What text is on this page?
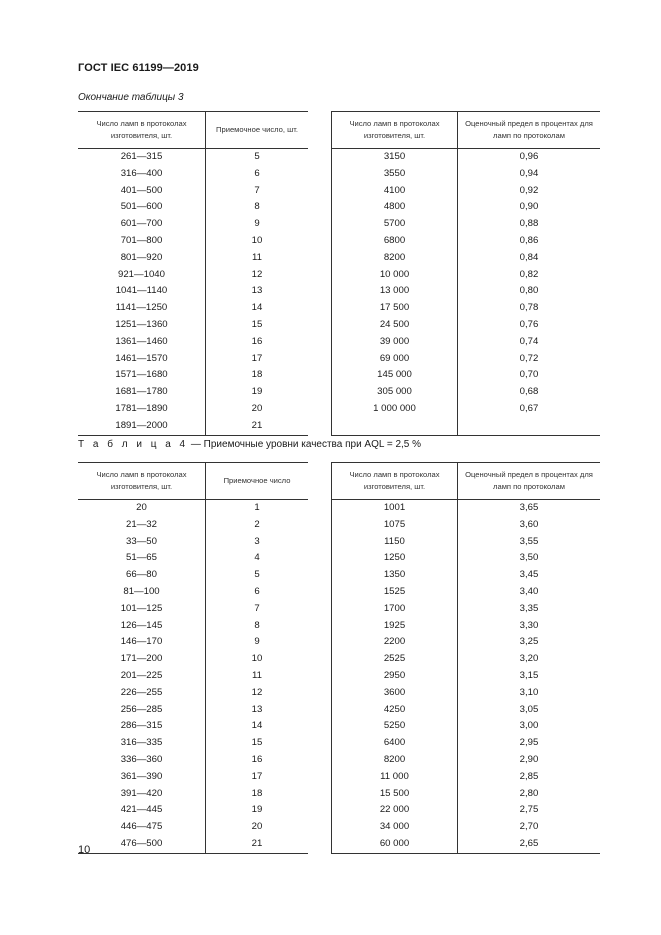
ГОСТ IEC 61199—2019
Окончание таблицы 3
Число ламп в протоколах изготовителя, шт.	Приемочное число, шт.
261—315	5
316—400	6
401—500	7
501—600	8
601—700	9
701—800	10
801—920	11
921—1040	12
1041—1140	13
1141—1250	14
1251—1360	15
1361—1460	16
1461—1570	17
1571—1680	18
1681—1780	19
1781—1890	20
1891—2000	21
Число ламп в протоколах изготовителя, шт.	Оценочный предел в процентах для ламп по протоколам
3150	0,96
3550	0,94
4100	0,92
4800	0,90
5700	0,88
6800	0,86
8200	0,84
10 000	0,82
13 000	0,80
17 500	0,78
24 500	0,76
39 000	0,74
69 000	0,72
145 000	0,70
305 000	0,68
1 000 000	0,67

Т а б л и ц а 4 — Приемочные уровни качества при AQL = 2,5 %
Число ламп в протоколах изготовителя, шт.	Приемочное число
20	1
21—32	2
33—50	3
51—65	4
66—80	5
81—100	6
101—125	7
126—145	8
146—170	9
171—200	10
201—225	11
226—255	12
256—285	13
286—315	14
316—335	15
336—360	16
361—390	17
391—420	18
421—445	19
446—475	20
476—500	21
Число ламп в протоколах изготовителя, шт.	Оценочный предел в процентах для ламп по протоколам
1001	3,65
1075	3,60
1150	3,55
1250	3,50
1350	3,45
1525	3,40
1700	3,35
1925	3,30
2200	3,25
2525	3,20
2950	3,15
3600	3,10
4250	3,05
5250	3,00
6400	2,95
8200	2,90
11 000	2,85
15 500	2,80
22 000	2,75
34 000	2,70
60 000	2,65
10
